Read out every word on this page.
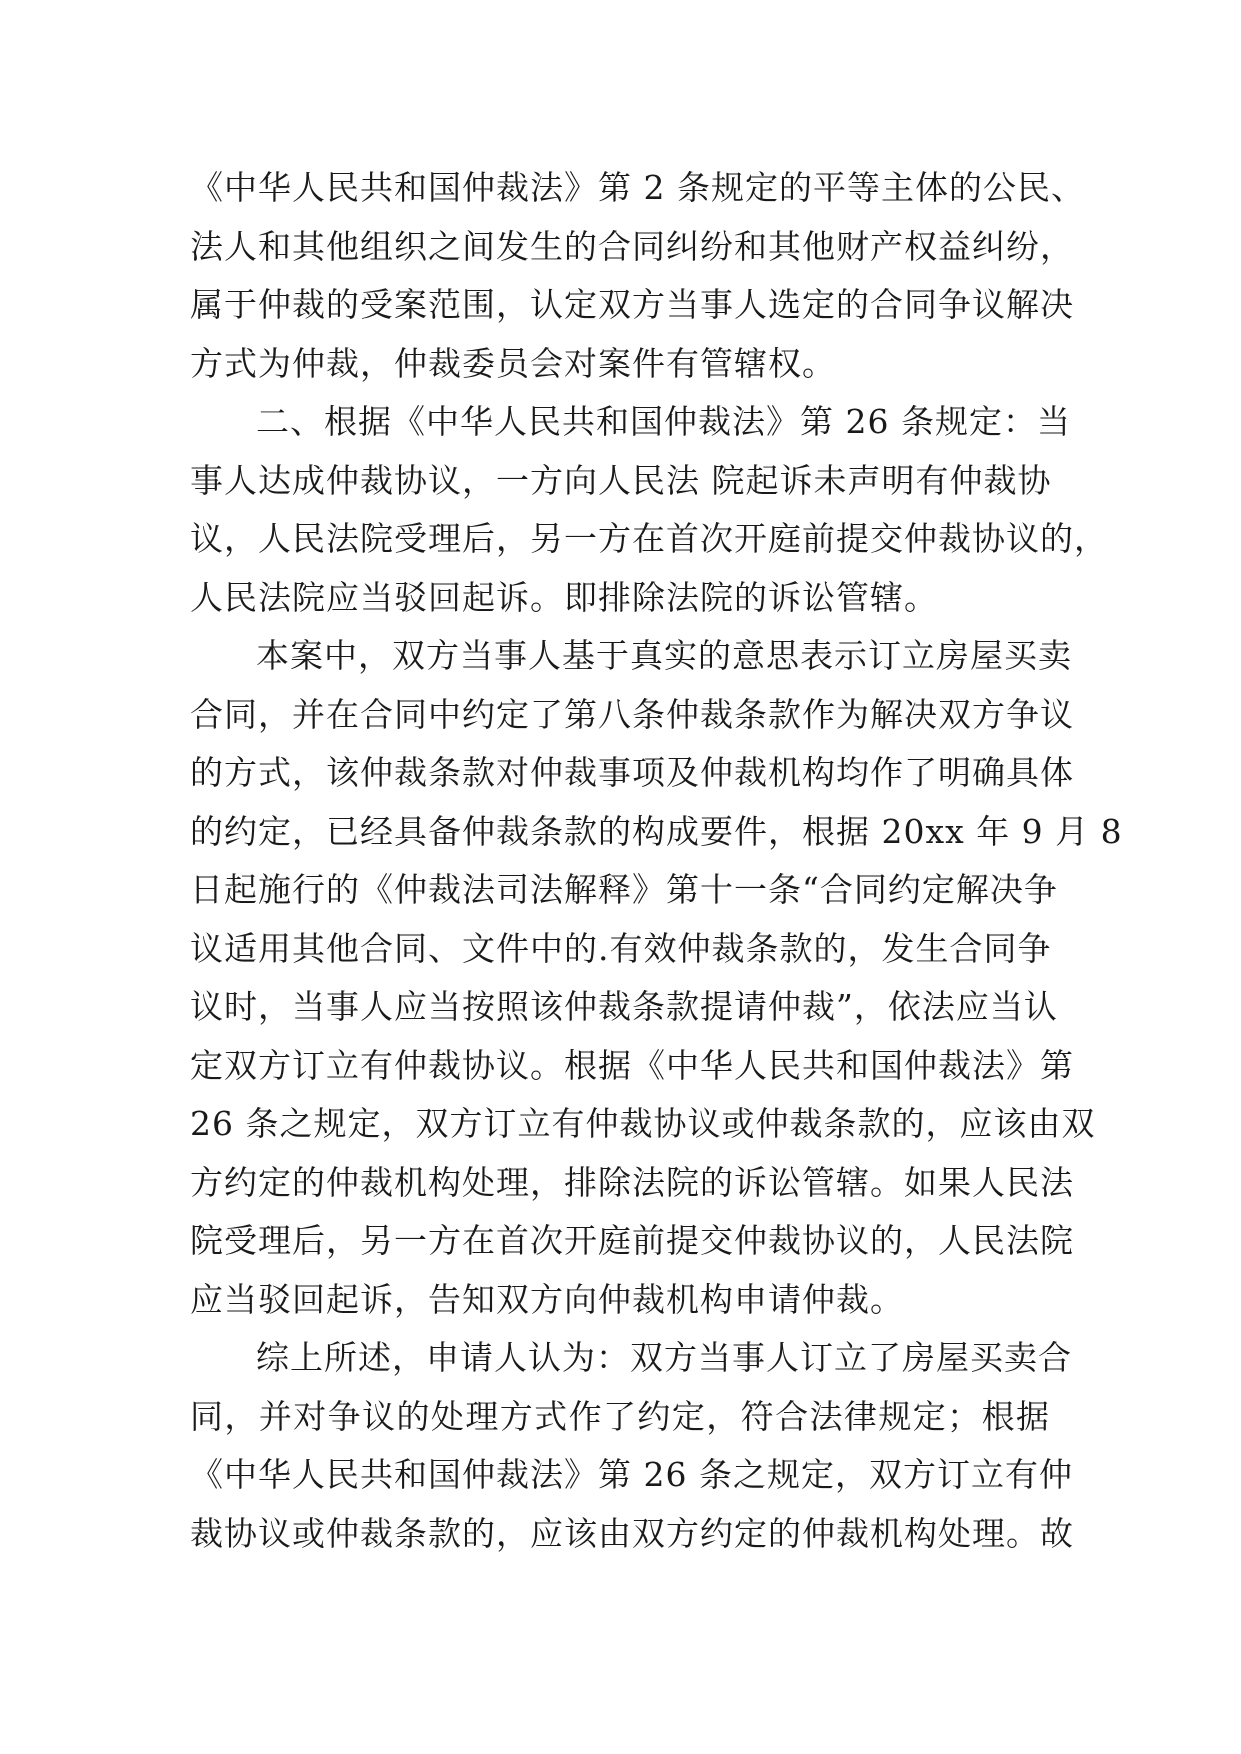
《中华人民共和国仲裁法》第 2 条规定的平等主体的公民、
法人和其他组织之间发生的合同纠纷和其他财产权益纠纷，
属于仲裁的受案范围，认定双方当事人选定的合同争议解决
方式为仲裁，仲裁委员会对案件有管辖权。
二、根据《中华人民共和国仲裁法》第 26 条规定：当
事人达成仲裁协议，一方向人民法 院起诉未声明有仲裁协
议，人民法院受理后，另一方在首次开庭前提交仲裁协议的，
人民法院应当驳回起诉。即排除法院的诉讼管辖。
本案中，双方当事人基于真实的意思表示订立房屋买卖
合同，并在合同中约定了第八条仲裁条款作为解决双方争议
的方式，该仲裁条款对仲裁事项及仲裁机构均作了明确具体
的约定，已经具备仲裁条款的构成要件，根据 20xx 年 9 月 8
日起施行的《仲裁法司法解释》第十一条“合同约定解决争
议适用其他合同、文件中的.有效仲裁条款的，发生合同争
议时，当事人应当按照该仲裁条款提请仲裁”，依法应当认
定双方订立有仲裁协议。根据《中华人民共和国仲裁法》第
26 条之规定，双方订立有仲裁协议或仲裁条款的，应该由双
方约定的仲裁机构处理，排除法院的诉讼管辖。如果人民法
院受理后，另一方在首次开庭前提交仲裁协议的，人民法院
应当驳回起诉，告知双方向仲裁机构申请仲裁。
综上所述，申请人认为：双方当事人订立了房屋买卖合
同，并对争议的处理方式作了约定，符合法律规定；根据
《中华人民共和国仲裁法》第 26 条之规定，双方订立有仲
裁协议或仲裁条款的，应该由双方约定的仲裁机构处理。故
